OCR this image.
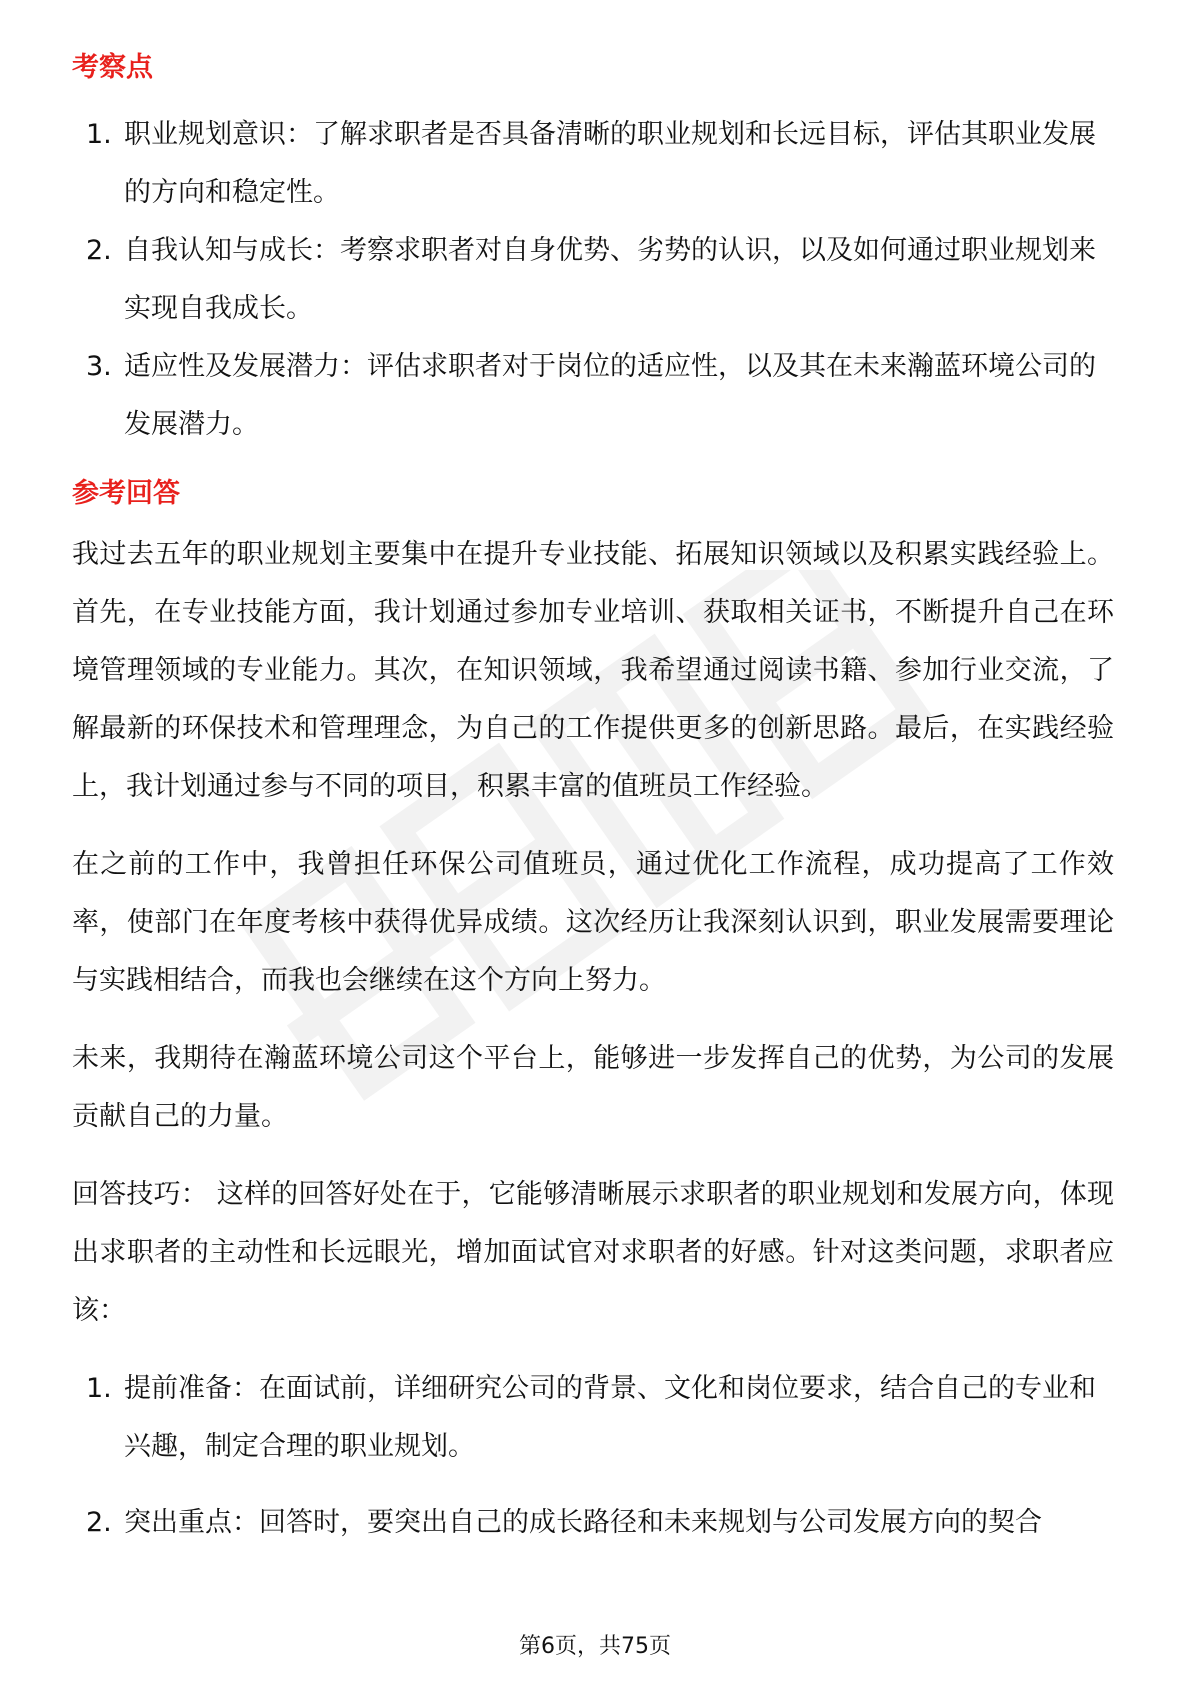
考察点
1. 职业规划意识：了解求职者是否具备清晰的职业规划和长远目标，评估其职业发展的方向和稳定性。
2. 自我认知与成长：考察求职者对自身优势、劣势的认识，以及如何通过职业规划来实现自我成长。
3. 适应性及发展潜力：评估求职者对于岗位的适应性，以及其在未来瀚蓝环境公司的发展潜力。
参考回答

我过去五年的职业规划主要集中在提升专业技能、拓展知识领域以及积累实践经验上。首先，在专业技能方面，我计划通过参加专业培训、获取相关证书，不断提升自己在环境管理领域的专业能力。其次，在知识领域，我希望通过阅读书籍、参加行业交流，了解最新的环保技术和管理理念，为自己的工作提供更多的创新思路。最后，在实践经验上，我计划通过参与不同的项目，积累丰富的值班员工作经验。

在之前的工作中，我曾担任环保公司值班员，通过优化工作流程，成功提高了工作效率，使部门在年度考核中获得优异成绩。这次经历让我深刻认识到，职业发展需要理论与实践相结合，而我也会继续在这个方向上努力。

未来，我期待在瀚蓝环境公司这个平台上，能够进一步发挥自己的优势，为公司的发展贡献自己的力量。

回答技巧： 这样的回答好处在于，它能够清晰展示求职者的职业规划和发展方向，体现出求职者的主动性和长远眼光，增加面试官对求职者的好感。针对这类问题，求职者应该：

1. 提前准备：在面试前，详细研究公司的背景、文化和岗位要求，结合自己的专业和兴趣，制定合理的职业规划。
2. 突出重点：回答时，要突出自己的成长路径和未来规划与公司发展方向的契合
第6页，共75页
